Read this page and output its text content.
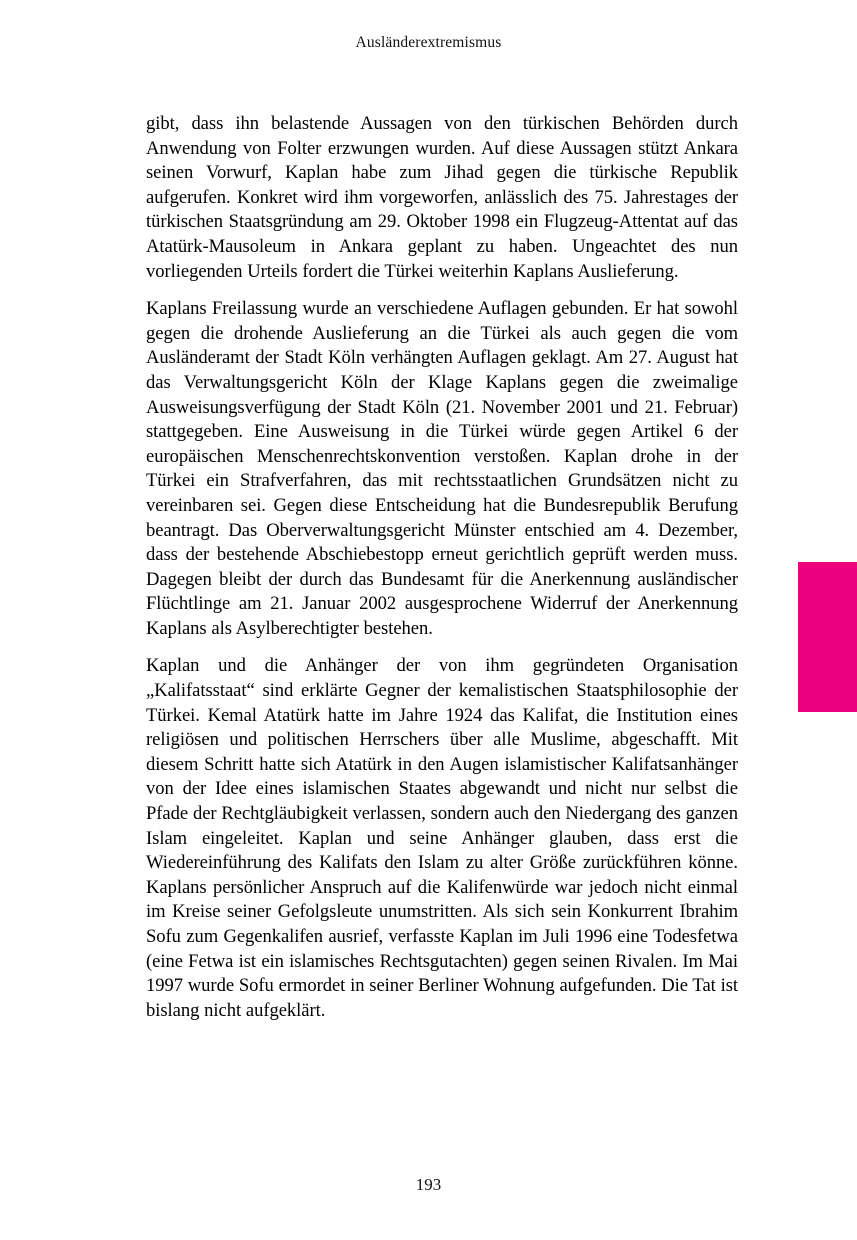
Ausländerextremismus

gibt, dass ihn belastende Aussagen von den türkischen Behörden durch Anwendung von Folter erzwungen wurden. Auf diese Aussagen stützt Ankara seinen Vorwurf, Kaplan habe zum Jihad gegen die türkische Republik aufgerufen. Konkret wird ihm vorgeworfen, anlässlich des 75. Jahrestages der türkischen Staatsgründung am 29. Oktober 1998 ein Flugzeug-Attentat auf das Atatürk-Mausoleum in Ankara geplant zu haben. Ungeachtet des nun vorliegenden Urteils fordert die Türkei weiterhin Kaplans Auslieferung.

Kaplans Freilassung wurde an verschiedene Auflagen gebunden. Er hat sowohl gegen die drohende Auslieferung an die Türkei als auch gegen die vom Ausländeramt der Stadt Köln verhängten Auflagen geklagt. Am 27. August hat das Verwaltungsgericht Köln der Klage Kaplans gegen die zweimalige Ausweisungsverfügung der Stadt Köln (21. November 2001 und 21. Februar) stattgegeben. Eine Ausweisung in die Türkei würde gegen Artikel 6 der europäischen Menschenrechtskonvention verstoßen. Kaplan drohe in der Türkei ein Strafverfahren, das mit rechtsstaatlichen Grundsätzen nicht zu vereinbaren sei. Gegen diese Entscheidung hat die Bundesrepublik Berufung beantragt. Das Oberverwaltungsgericht Münster entschied am 4. Dezember, dass der bestehende Abschiebestopp erneut gerichtlich geprüft werden muss. Dagegen bleibt der durch das Bundesamt für die Anerkennung ausländischer Flüchtlinge am 21. Januar 2002 ausgesprochene Widerruf der Anerkennung Kaplans als Asylberechtigter bestehen.

Kaplan und die Anhänger der von ihm gegründeten Organisation „Kalifatsstaat“ sind erklärte Gegner der kemalistischen Staatsphilosophie der Türkei. Kemal Atatürk hatte im Jahre 1924 das Kalifat, die Institution eines religiösen und politischen Herrschers über alle Muslime, abgeschafft. Mit diesem Schritt hatte sich Atatürk in den Augen islamistischer Kalifatsanhänger von der Idee eines islamischen Staates abgewandt und nicht nur selbst die Pfade der Rechtgläubigkeit verlassen, sondern auch den Niedergang des ganzen Islam eingeleitet. Kaplan und seine Anhänger glauben, dass erst die Wiedereinführung des Kalifats den Islam zu alter Größe zurückführen könne. Kaplans persönlicher Anspruch auf die Kalifenwürde war jedoch nicht einmal im Kreise seiner Gefolgsleute unumstritten. Als sich sein Konkurrent Ibrahim Sofu zum Gegenkalifen ausrief, verfasste Kaplan im Juli 1996 eine Todesfetwa (eine Fetwa ist ein islamisches Rechtsgutachten) gegen seinen Rivalen. Im Mai 1997 wurde Sofu ermordet in seiner Berliner Wohnung aufgefunden. Die Tat ist bislang nicht aufgeklärt.

193
